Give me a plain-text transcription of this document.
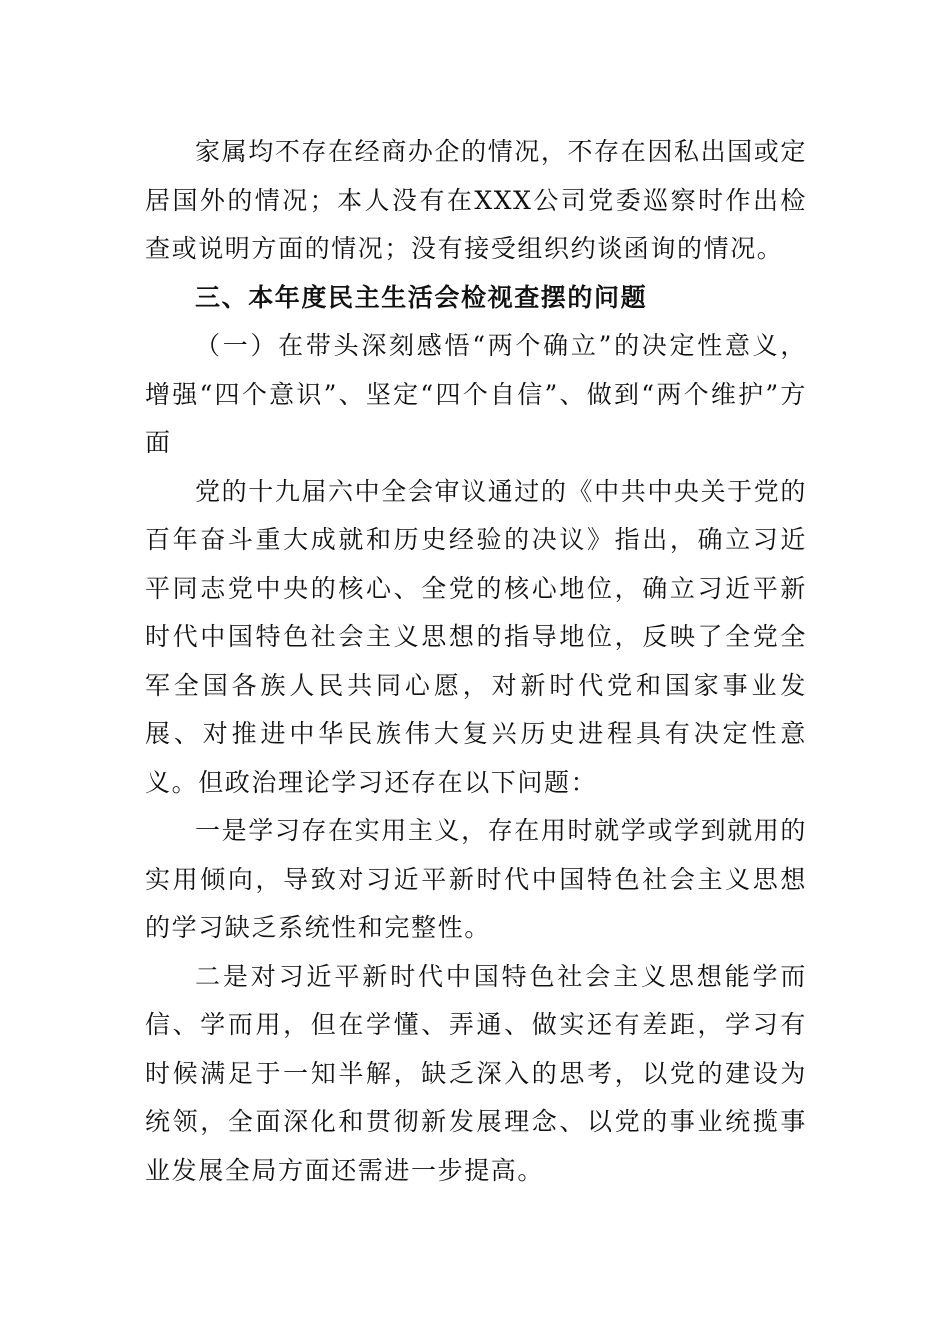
家属均不存在经商办企的情况，不存在因私出国或定居国外的情况；本人没有在XXX公司党委巡察时作出检查或说明方面的情况；没有接受组织约谈函询的情况。

三、本年度民主生活会检视查摆的问题

（一）在带头深刻感悟“两个确立”的决定性意义，增强“四个意识”、坚定“四个自信”、做到“两个维护”方面

党的十九届六中全会审议通过的《中共中央关于党的百年奋斗重大成就和历史经验的决议》指出，确立习近平同志党中央的核心、全党的核心地位，确立习近平新时代中国特色社会主义思想的指导地位，反映了全党全军全国各族人民共同心愿，对新时代党和国家事业发展、对推进中华民族伟大复兴历史进程具有决定性意义。但政治理论学习还存在以下问题：

一是学习存在实用主义，存在用时就学或学到就用的实用倾向，导致对习近平新时代中国特色社会主义思想的学习缺乏系统性和完整性。

二是对习近平新时代中国特色社会主义思想能学而信、学而用，但在学懂、弄通、做实还有差距，学习有时候满足于一知半解，缺乏深入的思考，以党的建设为统领，全面深化和贯彻新发展理念、以党的事业统揽事业发展全局方面还需进一步提高。
